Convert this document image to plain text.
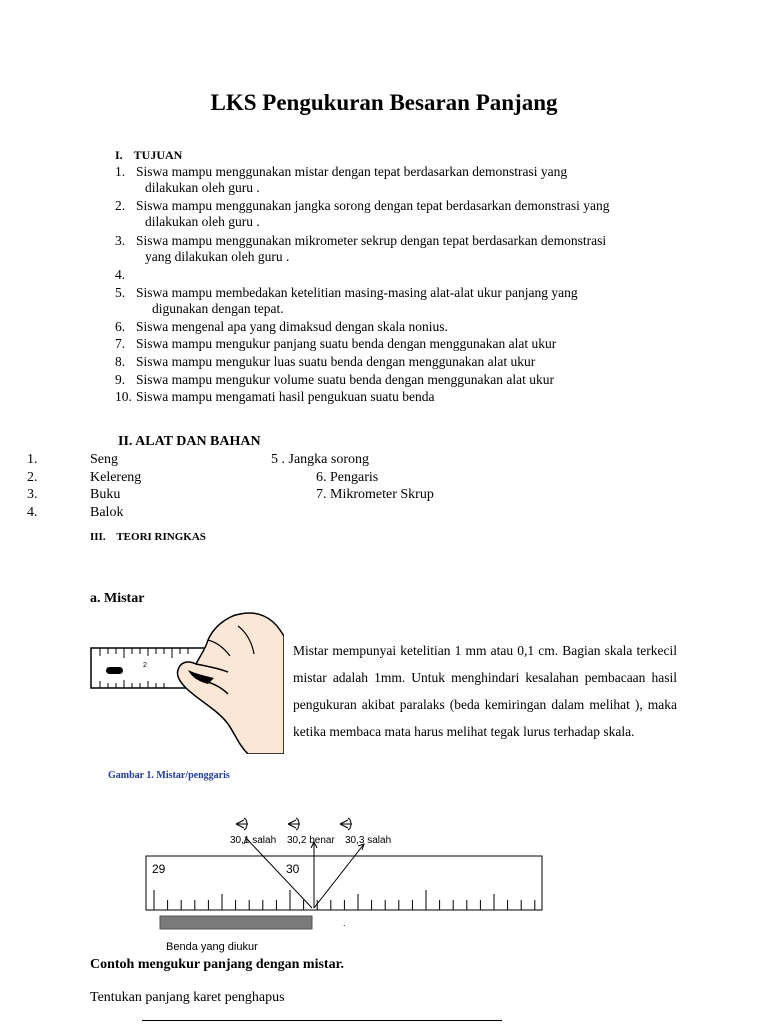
LKS Pengukuran Besaran Panjang
I. TUJUAN
1. Siswa mampu menggunakan mistar dengan tepat berdasarkan demonstrasi yang
dilakukan oleh guru .
2. Siswa mampu menggunakan jangka sorong dengan tepat berdasarkan demonstrasi yang
dilakukan oleh guru .
3. Siswa mampu menggunakan mikrometer sekrup dengan tepat berdasarkan demonstrasi
yang dilakukan oleh guru .
4.
5. Siswa mampu membedakan ketelitian masing-masing alat-alat ukur panjang yang
digunakan dengan tepat.
6. Siswa mengenal apa yang dimaksud dengan skala nonius.
7. Siswa mampu mengukur panjang suatu benda dengan menggunakan alat ukur
8. Siswa mampu mengukur luas suatu benda dengan menggunakan alat ukur
9. Siswa mampu mengukur volume suatu benda dengan menggunakan alat ukur
10. Siswa mampu mengamati hasil pengukuan suatu benda
II. ALAT DAN BAHAN
1.	Seng
2.	Kelereng
3.	Buku
4.	Balok
5 . Jangka sorong
6. Pengaris
7. Mikrometer Skrup
III. TEORI RINGKAS
a. Mistar
2
Mistar mempunyai ketelitian 1 mm atau 0,1 cm. Bagian skala terkecil mistar adalah 1mm. Untuk menghindari kesalahan pembacaan hasil pengukuran akibat paralaks (beda kemiringan dalam melihat ), maka ketika membaca mata harus melihat tegak lurus terhadap skala.
Gambar 1. Mistar/penggaris
30,1 salah 30,2 benar 30,3 salah
29	30
.
Benda yang diukur
Contoh mengukur panjang dengan mistar.
Tentukan panjang karet penghapus
